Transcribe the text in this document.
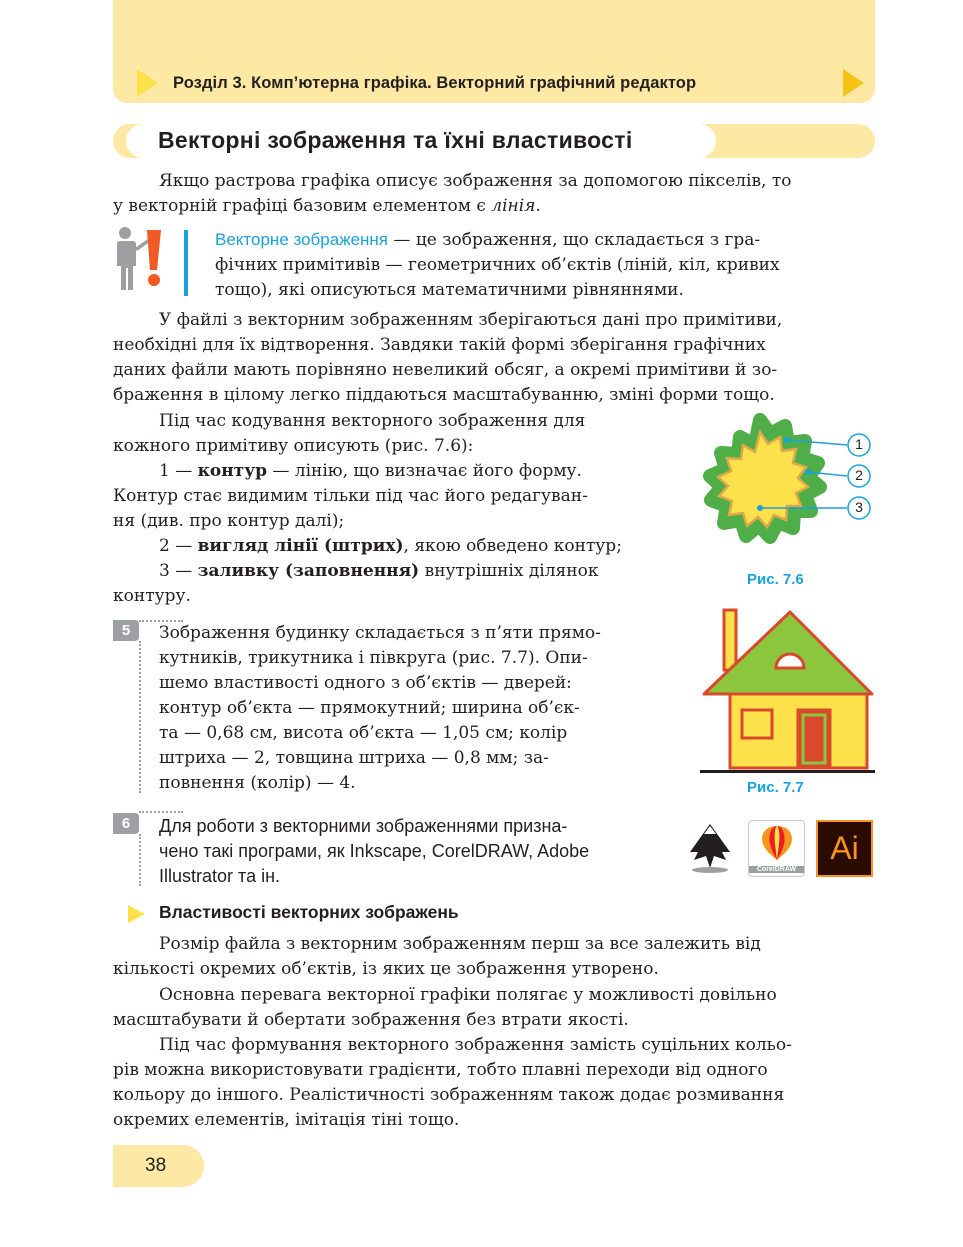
Розділ 3. Комп’ютерна графіка. Векторний графічний редактор
Векторні зображення та їхні властивості
Якщо растрова графіка описує зображення за допомогою пікселів, то
у векторній графіці базовим елементом є лінія.
Векторне зображення — це зображення, що складається з гра-
фічних примітивів — геометричних об’єктів (ліній, кіл, кривих
тощо), які описуються математичними рівняннями.
У файлі з векторним зображенням зберігаються дані про примітиви,
необхідні для їх відтворення. Завдяки такій формі зберігання графічних
даних файли мають порівняно невеликий обсяг, а окремі примітиви й зо-
браження в цілому легко піддаються масштабуванню, зміні форми тощо.
Під час кодування векторного зображення для
кожного примітиву описують (рис. 7.6):
1 — контур — лінію, що визначає його форму.
Контур стає видимим тільки під час його редагуван-
ня (див. про контур далі);
2 — вигляд лінії (штрих), якою обведено контур;
3 — заливку (заповнення) внутрішніх ділянок
контуру.
1
2
3
Рис. 7.6
5	Зображення будинку складається з п’яти прямо-
кутників, трикутника і півкруга (рис. 7.7). Опи-
шемо властивості одного з об’єктів — дверей:
контур об’єкта — прямокутний; ширина об’єк-
та — 0,68 см, висота об’єкта — 1,05 см; колір
штриха — 2, товщина штриха — 0,8 мм; за-
повнення (колір) — 4.	Рис. 7.7
6	Для роботи з векторними зображеннями призна-
чено такі програми, як Inkscape, CorelDRAW, Adobe
Illustrator та ін.	CorelDRAW
Ai
Властивості векторних зображень
Розмір файла з векторним зображенням перш за все залежить від
кількості окремих об’єктів, із яких це зображення утворено.
Основна перевага векторної графіки полягає у можливості довільно
масштабувати й обертати зображення без втрати якості.
Під час формування векторного зображення замість суцільних кольо-
рів можна використовувати градієнти, тобто плавні переходи від одного
кольору до іншого. Реалістичності зображенням також додає розмивання
окремих елементів, імітація тіні тощо.
38
